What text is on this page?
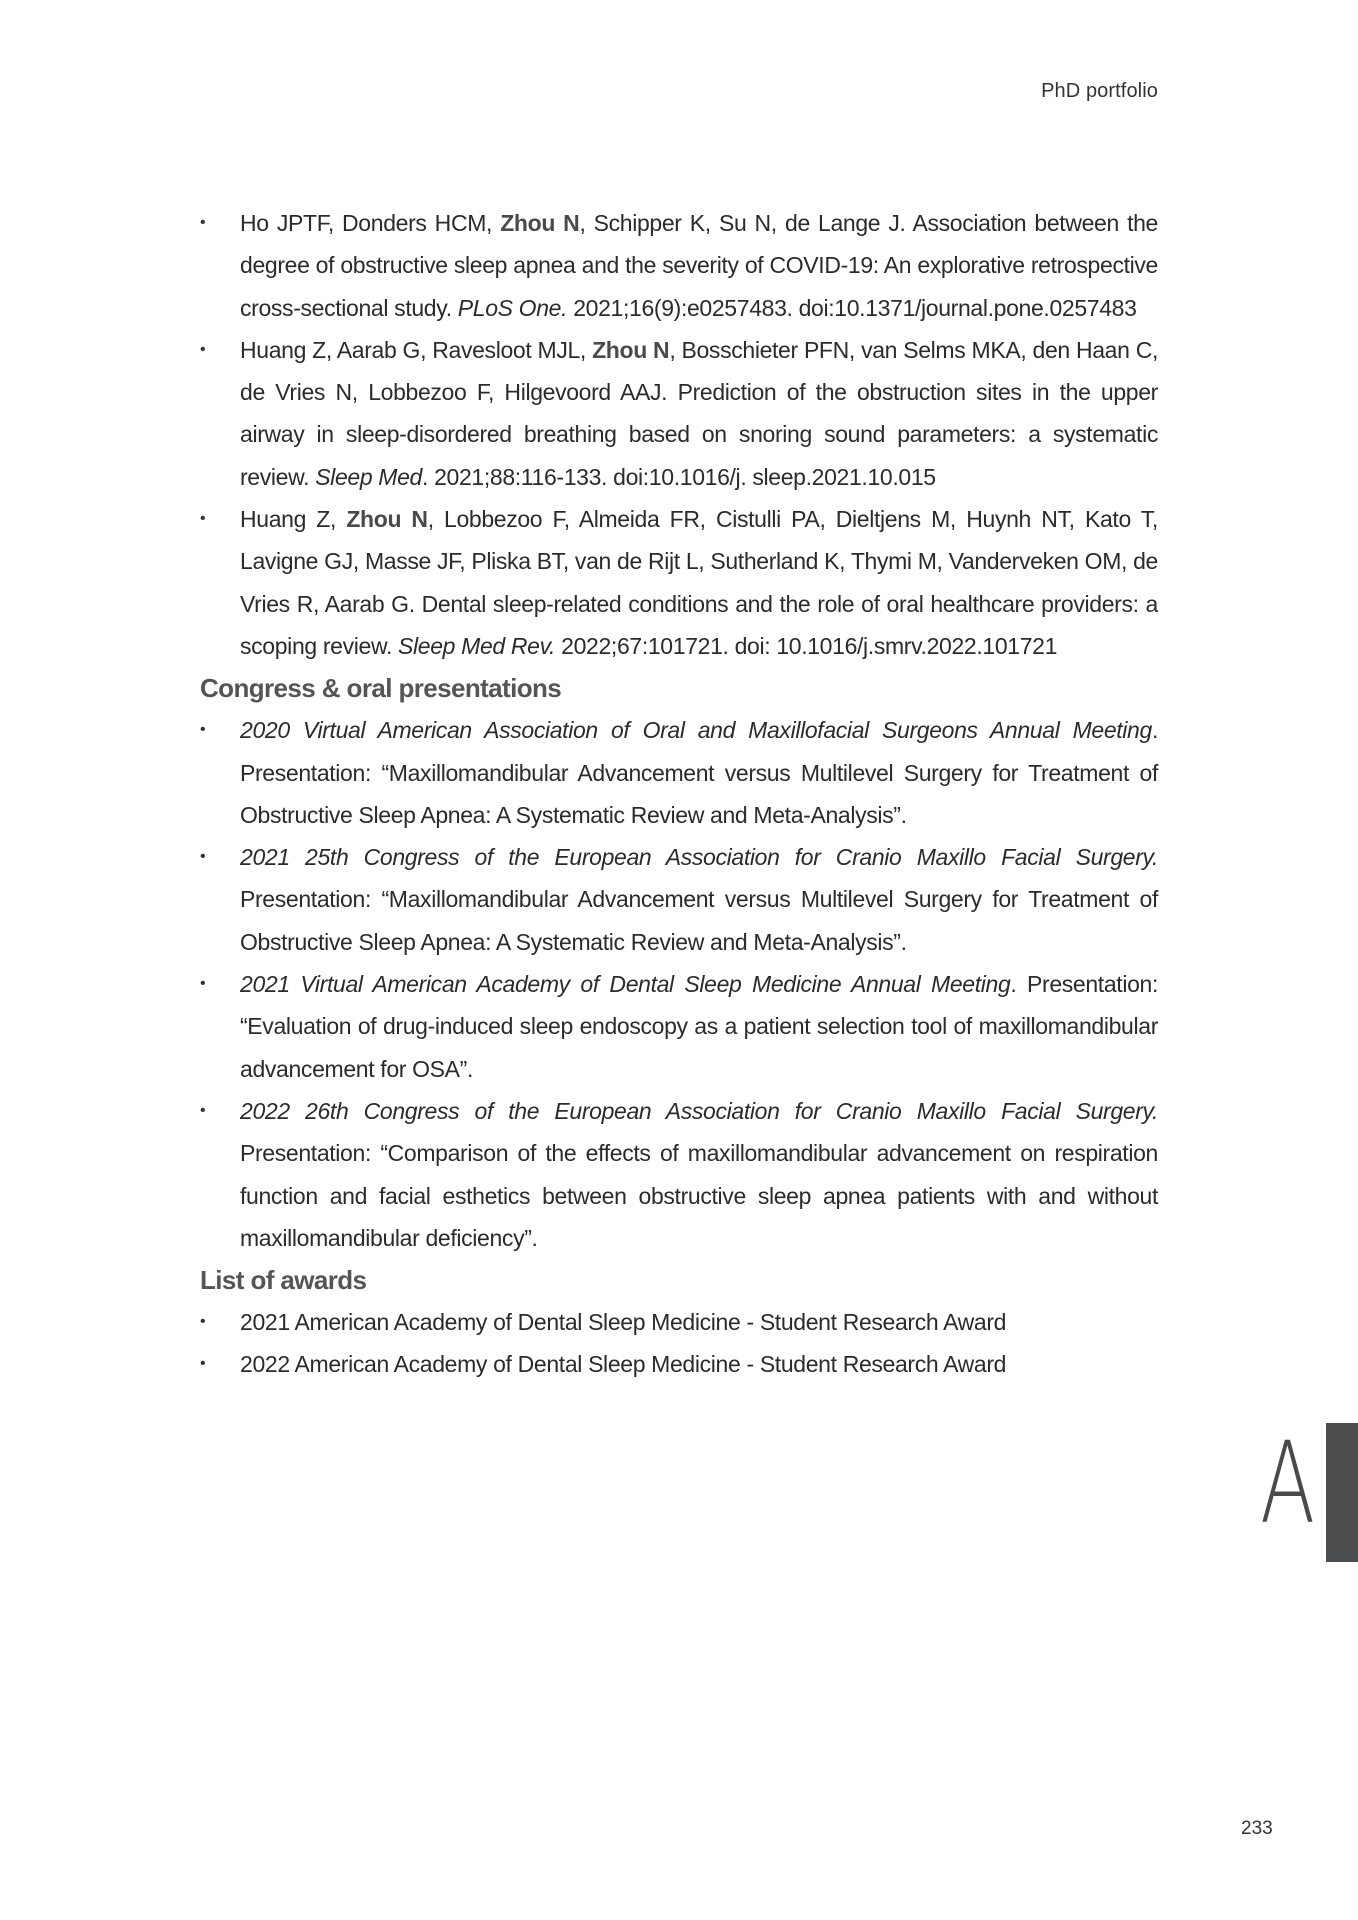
PhD portfolio
•	Ho JPTF, Donders HCM, Zhou N, Schipper K, Su N, de Lange J. Association between the degree of obstructive sleep apnea and the severity of COVID-19: An explorative retrospective cross-sectional study. PLoS One. 2021;16(9):e0257483. doi:10.1371/journal.pone.0257483
•	Huang Z, Aarab G, Ravesloot MJL, Zhou N, Bosschieter PFN, van Selms MKA, den Haan C, de Vries N, Lobbezoo F, Hilgevoord AAJ. Prediction of the obstruction sites in the upper airway in sleep-disordered breathing based on snoring sound parameters: a systematic review. Sleep Med. 2021;88:116-133. doi:10.1016/j. sleep.2021.10.015
•	Huang Z, Zhou N, Lobbezoo F, Almeida FR, Cistulli PA, Dieltjens M, Huynh NT, Kato T, Lavigne GJ, Masse JF, Pliska BT, van de Rijt L, Sutherland K, Thymi M, Vanderveken OM, de Vries R, Aarab G. Dental sleep-related conditions and the role of oral healthcare providers: a scoping review. Sleep Med Rev. 2022;67:101721. doi: 10.1016/j.smrv.2022.101721
Congress & oral presentations
•	2020 Virtual American Association of Oral and Maxillofacial Surgeons Annual Meeting. Presentation: “Maxillomandibular Advancement versus Multilevel Surgery for Treatment of Obstructive Sleep Apnea: A Systematic Review and Meta-Analysis”.
•	2021 25th Congress of the European Association for Cranio Maxillo Facial Surgery. Presentation: “Maxillomandibular Advancement versus Multilevel Surgery for Treatment of Obstructive Sleep Apnea: A Systematic Review and Meta-Analysis”.
•	2021 Virtual American Academy of Dental Sleep Medicine Annual Meeting. Presentation: “Evaluation of drug-induced sleep endoscopy as a patient selection tool of maxillomandibular advancement for OSA”.
•	2022 26th Congress of the European Association for Cranio Maxillo Facial Surgery. Presentation: “Comparison of the effects of maxillomandibular advancement on respiration function and facial esthetics between obstructive sleep apnea patients with and without maxillomandibular deficiency”.
List of awards
•	2021 American Academy of Dental Sleep Medicine - Student Research Award
•	2022 American Academy of Dental Sleep Medicine - Student Research Award
A
233
